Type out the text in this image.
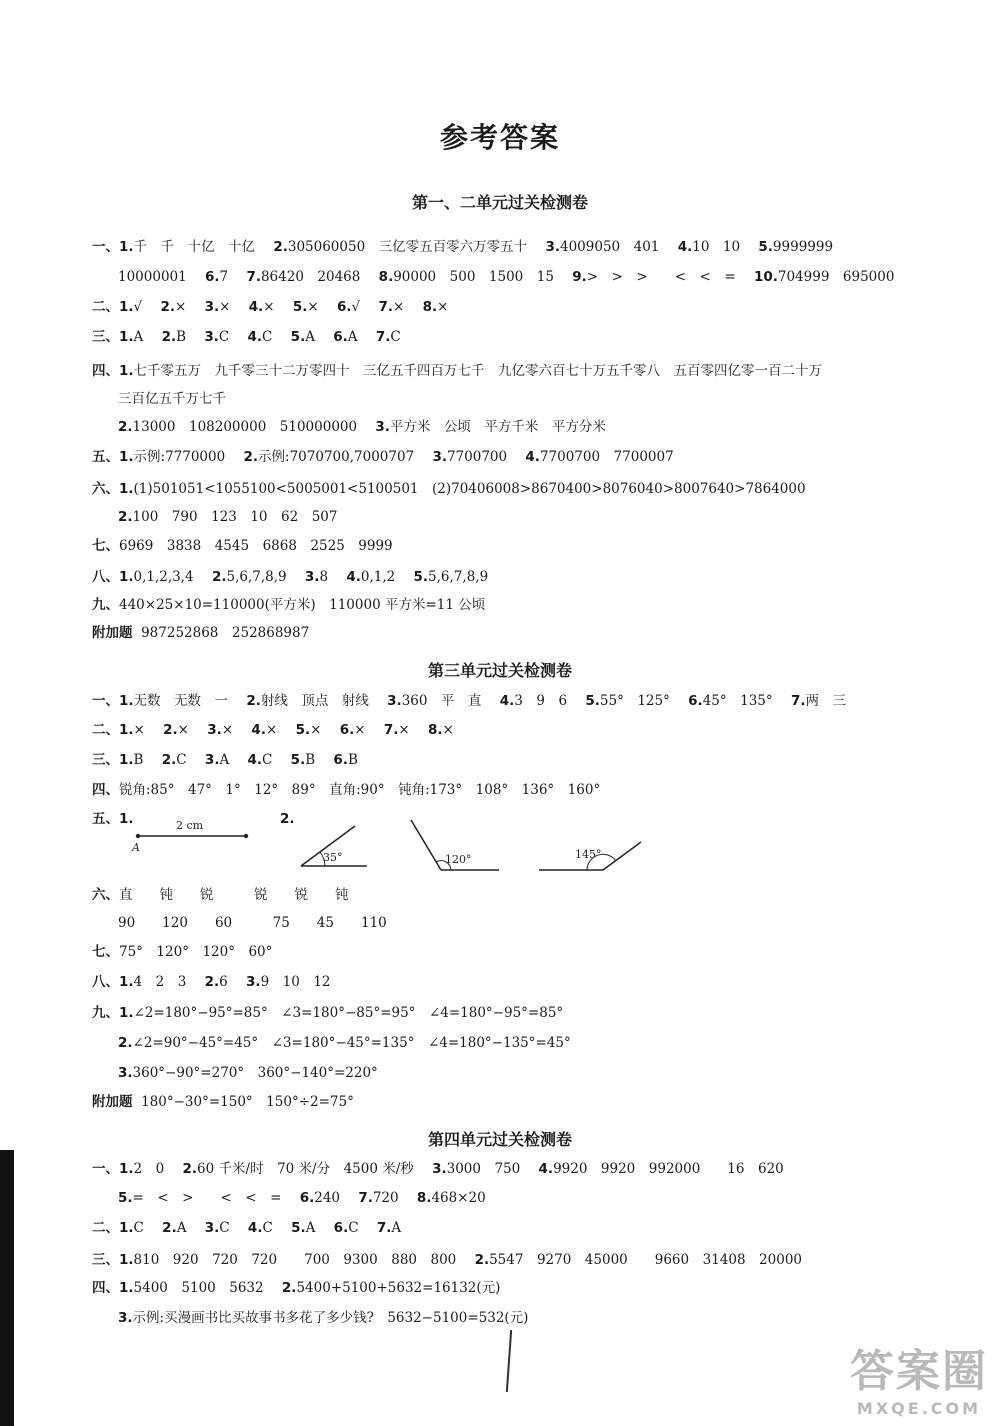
参考答案
第一、二单元过关检测卷
一、1.千　千　十亿　十亿 2.305060050　三亿零五百零六万零五十 3.4009050　401 4.10　10 5.9999999
10000001 6.7 7.86420　20468 8.90000　500　1500　15 9.>　>　>　　<　<　= 10.704999　695000
二、1.√ 2.× 3.× 4.× 5.× 6.√ 7.× 8.×
三、1.A 2.B 3.C 4.C 5.A 6.A 7.C
四、1.七千零五万　九千零三十二万零四十　三亿五千四百万七千　九亿零六百七十万五千零八　五百零四亿零一百二十万
三百亿五千万七千
2.13000　108200000　510000000 3.平方米　公顷　平方千米　平方分米
五、1.示例:7770000 2.示例:7070700,7000707 3.7700700 4.7700700　7700007
六、1.(1)501051<1055100<5005001<5100501　(2)70406008>8670400>8076040>8007640>7864000
2.100　790　123　10　62　507
七、6969　3838　4545　6868　2525　9999
八、1.0,1,2,3,4 2.5,6,7,8,9 3.8 4.0,1,2 5.5,6,7,8,9
九、440×25×10=110000(平方米)　110000 平方米=11 公顷
附加题 987252868　252868987
第三单元过关检测卷
一、1.无数　无数　一 2.射线　顶点　射线 3.360　平　直 4.3　9　6 5.55°　125° 6.45°　135° 7.两　三
二、1.× 2.× 3.× 4.× 5.× 6.× 7.× 8.×
三、1.B 2.C 3.A 4.C 5.B 6.B
四、锐角:85°　47°　1°　12°　89°　直角:90°　钝角:173°　108°　136°　160°
五、1.	2.
2 cm
A
35°	120°	145°
六、直　　钝　　锐　　　锐　　锐　　钝
90　　120　　60　　　75　　45　　110
七、75°　120°　120°　60°
八、1.4　2　3 2.6 3.9　10　12
九、1.∠2=180°−95°=85°　∠3=180°−85°=95°　∠4=180°−95°=85°
2.∠2=90°−45°=45°　∠3=180°−45°=135°　∠4=180°−135°=45°
3.360°−90°=270°　360°−140°=220°
附加题 180°−30°=150°　150°÷2=75°
第四单元过关检测卷
一、1.2　0 2.60 千米/时　70 米/分　4500 米/秒 3.3000　750 4.9920　9920　992000　　16　620
5.=　<　>　　<　<　= 6.240 7.720 8.468×20
二、1.C 2.A 3.C 4.C 5.A 6.C 7.A
三、1.810　920　720　720　　700　9300　880　800 2.5547　9270　45000　　9660　31408　20000
四、1.5400　5100　5632 2.5400+5100+5632=16132(元)
3.示例:买漫画书比买故事书多花了多少钱?　5632−5100=532(元)
答案圈
MXQE.COM
